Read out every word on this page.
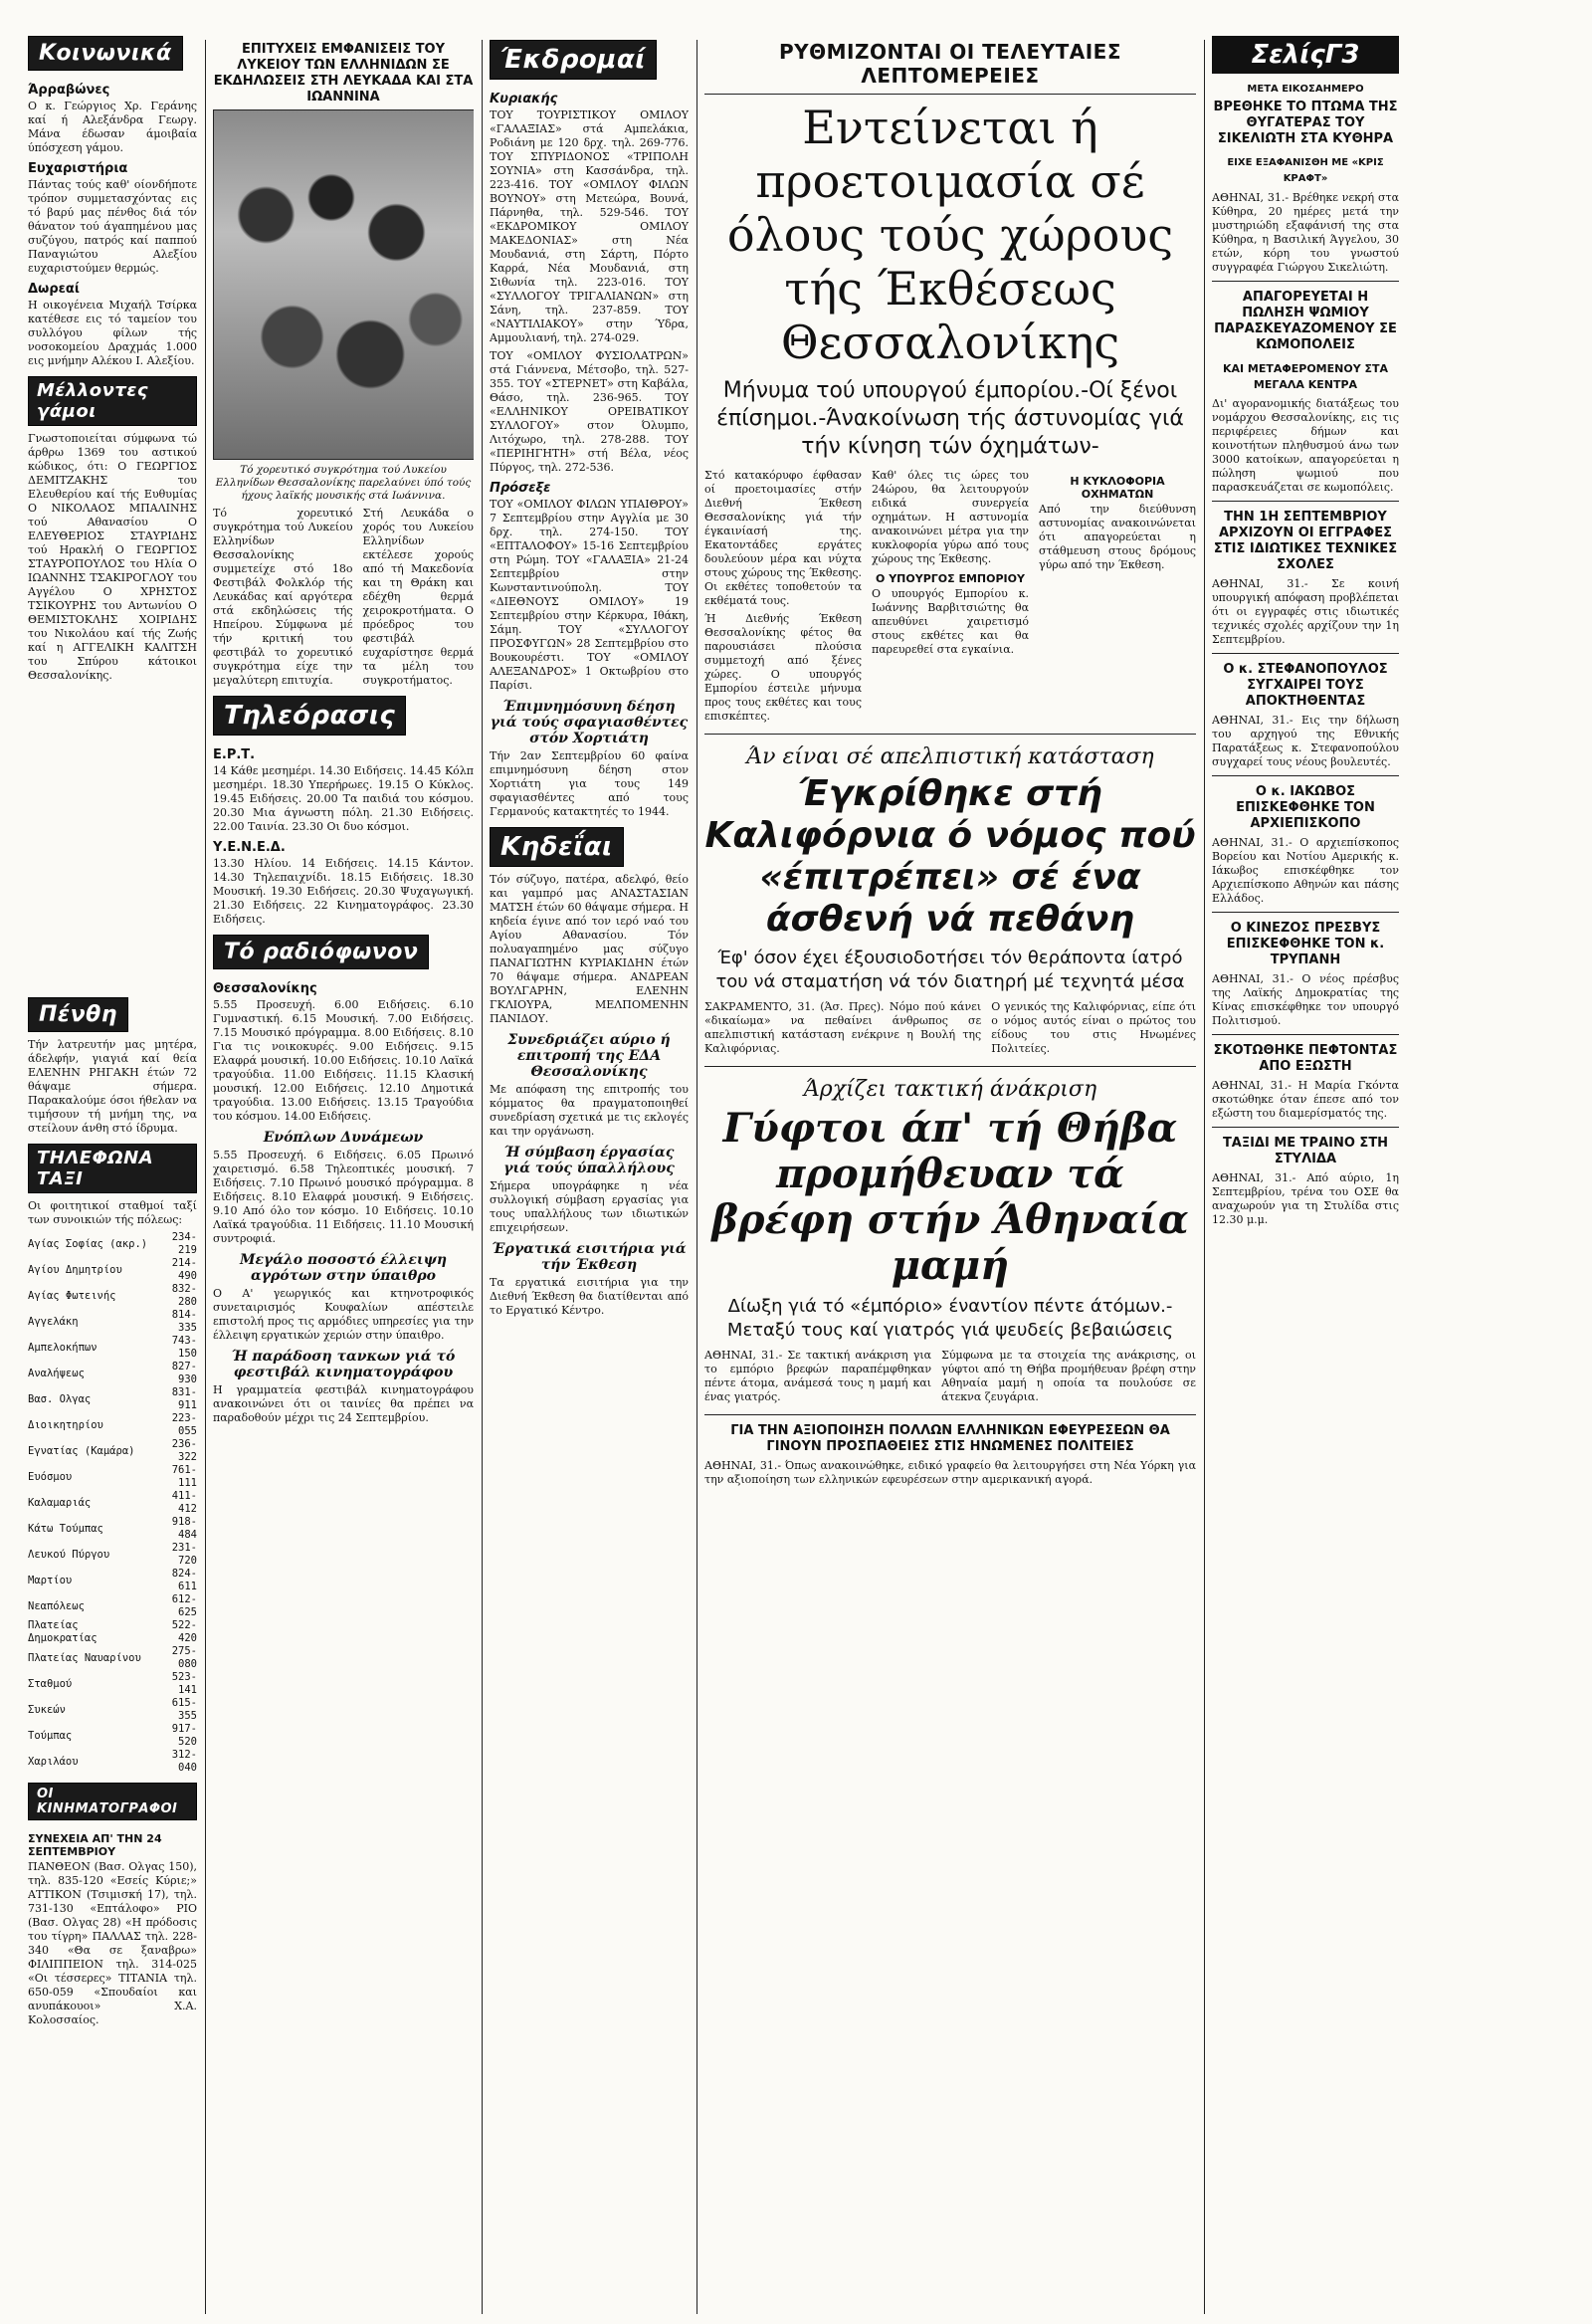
Κοινωνικά
Άρραβώνες

Ο κ. Γεώργιος Χρ. Γεράνης καί ή Αλεξάνδρα Γεωργ. Μάνα έδωσαν άμοιβαία ύπόσχεση γάμου.

Ευχαριστήρια

Πάντας τούς καθ' οίονδήποτε τρόπον συμμετασχόντας εις τό βαρύ μας πένθος διά τόν θάνατον τού άγαπημένου μας συζύγου, πατρός καί παππού Παναγιώτου Αλεξίου ευχαριστούμεν θερμώς.

Δωρεαί

Η οικογένεια Μιχαήλ Τσίρκα κατέθεσε εις τό ταμείον του συλλόγου φίλων τής νοσοκομείου Δραχμάς 1.000 εις μνήμην Αλέκου Ι. Αλεξίου.

Μέλλοντες γάμοι

Γνωστοποιείται σύμφωνα τώ άρθρω 1369 του αστικού κώδικος, ότι: Ο ΓΕΩΡΓΙΟΣ ΔΕΜΙΤΖΑΚΗΣ του Ελευθερίου καί τής Ευθυμίας Ο ΝΙΚΟΛΑΟΣ ΜΠΑΛΙΝΗΣ τού Αθανασίου Ο ΕΛΕΥΘΕΡΙΟΣ ΣΤΑΥΡΙΔΗΣ τού Ηρακλή Ο ΓΕΩΡΓΙΟΣ ΣΤΑΥΡΟΠΟΥΛΟΣ του Ηλία Ο ΙΩΑΝΝΗΣ ΤΣΑΚΙΡΟΓΛΟΥ του Αγγέλου Ο ΧΡΗΣΤΟΣ ΤΣΙΚΟΥΡΗΣ του Αντωνίου Ο ΘΕΜΙΣΤΟΚΛΗΣ ΧΟΙΡΙΔΗΣ του Νικολάου καί τής Ζωής καί η ΑΓΓΕΛΙΚΗ ΚΑΛΙΤΣΗ του Σπύρου κάτοικοι Θεσσαλονίκης.

Πένθη

Τήν λατρευτήν μας μητέρα, άδελφήν, γιαγιά καί θεία ΕΛΕΝΗΝ ΡΗΓΑΚΗ έτών 72 θάψαμε σήμερα. Παρακαλούμε όσοι ήθελαν να τιμήσουν τή μνήμη της, να στείλουν άνθη στό ίδρυμα.

ΤΗΛΕΦΩΝΑ ΤΑΞΙ

Οι φοιτητικοί σταθμοί ταξί των συνοικιών τής πόλεως:

Αγίας Σοφίας (ακρ.)	234-219
Αγίου Δημητρίου	214-490
Αγίας Φωτεινής	832-280
Αγγελάκη	814-335
Αμπελοκήπων	743-150
Αναλήψεως	827-930
Βασ. Ολγας	831-911
Διοικητηρίου	223-055
Εγνατίας (Καμάρα)	236-322
Ευόσμου	761-111
Καλαμαριάς	411-412
Κάτω Τούμπας	918-484
Λευκού Πύργου	231-720
Μαρτίου	824-611
Νεαπόλεως	612-625
Πλατείας Δημοκρατίας	522-420
Πλατείας Ναυαρίνου	275-080
Σταθμού	523-141
Συκεών	615-355
Τούμπας	917-520
Χαριλάου	312-040
ΟΙ ΚΙΝΗΜΑΤΟΓΡΑΦΟΙ
ΣΥΝΕΧΕΙΑ ΑΠ' ΤΗΝ 24 ΣΕΠΤΕΜΒΡΙΟΥ

ΠΑΝΘΕΟΝ (Βασ. Ολγας 150), τηλ. 835-120 «Εσείς Κύριε;» ΑΤΤΙΚΟΝ (Τσιμισκή 17), τηλ. 731-130 «Επτάλοφο» ΡΙΟ (Βασ. Ολγας 28) «Η πρόδοσις του τίγρη» ΠΑΛΛΑΣ τηλ. 228-340 «Θα σε ξαναβρω» ΦΙΛΙΠΠΕΙΟΝ τηλ. 314-025 «Οι τέσσερες» ΤΙΤΑΝΙΑ τηλ. 650-059 «Σπουδαίοι και ανυπάκουοι» Χ.Α. Κολοσσαίος.

ΕΠΙΤΥΧΕΙΣ ΕΜΦΑΝΙΣΕΙΣ ΤΟΥ ΛΥΚΕΙΟΥ ΤΩΝ ΕΛΛΗΝΙΔΩΝ ΣΕ ΕΚΔΗΛΩΣΕΙΣ ΣΤΗ ΛΕΥΚΑΔΑ ΚΑΙ ΣΤΑ ΙΩΑΝΝΙΝΑ
Τό χορευτικό συγκρότημα τού Λυκείου Ελληνίδων Θεσσαλονίκης παρελαύνει ύπό τούς ήχους λαϊκής μουσικής στά Ιωάννινα.

Τό χορευτικό συγκρότημα τού Λυκείου Ελληνίδων Θεσσαλονίκης συμμετείχε στό 18ο Φεστιβάλ Φολκλόρ τής Λευκάδας καί αργότερα στά εκδηλώσεις τής Ηπείρου. Σύμφωνα μέ τήν κριτική του φεστιβάλ το χορευτικό συγκρότημα είχε την μεγαλύτερη επιτυχία.

Στή Λευκάδα ο χορός του Λυκείου Ελληνίδων εκτέλεσε χορούς από τή Μακεδονία και τη Θράκη και εδέχθη θερμά χειροκροτήματα. Ο πρόεδρος του φεστιβάλ ευχαρίστησε θερμά τα μέλη του συγκροτήματος.

Τηλεόρασις
Ε.Ρ.Τ.

14 Κάθε μεσημέρι. 14.30 Ειδήσεις. 14.45 Κόλπ μεσημέρι. 18.30 Υπερήρωες. 19.15 Ο Κύκλος. 19.45 Ειδήσεις. 20.00 Τα παιδιά του κόσμου. 20.30 Μια άγνωστη πόλη. 21.30 Ειδήσεις. 22.00 Ταινία. 23.30 Οι δυο κόσμοι.

Υ.Ε.Ν.Ε.Δ.

13.30 Ηλίου. 14 Ειδήσεις. 14.15 Κάντον. 14.30 Τηλεπαιχνίδι. 18.15 Ειδήσεις. 18.30 Μουσική. 19.30 Ειδήσεις. 20.30 Ψυχαγωγική. 21.30 Ειδήσεις. 22 Κινηματογράφος. 23.30 Ειδήσεις.

Τό ραδιόφωνον
Θεσσαλονίκης

5.55 Προσευχή. 6.00 Ειδήσεις. 6.10 Γυμναστική. 6.15 Μουσική. 7.00 Ειδήσεις. 7.15 Μουσικό πρόγραμμα. 8.00 Ειδήσεις. 8.10 Για τις νοικοκυρές. 9.00 Ειδήσεις. 9.15 Ελαφρά μουσική. 10.00 Ειδήσεις. 10.10 Λαϊκά τραγούδια. 11.00 Ειδήσεις. 11.15 Κλασική μουσική. 12.00 Ειδήσεις. 12.10 Δημοτικά τραγούδια. 13.00 Ειδήσεις. 13.15 Τραγούδια του κόσμου. 14.00 Ειδήσεις.

Ενόπλων Δυνάμεων

5.55 Προσευχή. 6 Ειδήσεις. 6.05 Πρωινό χαιρετισμό. 6.58 Τηλεοπτικές μουσική. 7 Ειδήσεις. 7.10 Πρωινό μουσικό πρόγραμμα. 8 Ειδήσεις. 8.10 Ελαφρά μουσική. 9 Ειδήσεις. 9.10 Από όλο τον κόσμο. 10 Ειδήσεις. 10.10 Λαϊκά τραγούδια. 11 Ειδήσεις. 11.10 Μουσική συντροφιά.

Μεγάλο ποσοστό έλλειψη αγρότων στην ύπαιθρο

Ο Α' γεωργικός και κτηνοτροφικός συνεταιρισμός Κουφαλίων απέστειλε επιστολή προς τις αρμόδιες υπηρεσίες για την έλλειψη εργατικών χεριών στην ύπαιθρο.

Ή παράδοση τανκων γιά τό φεστιβάλ κινηματογράφου

Η γραμματεία φεστιβάλ κινηματογράφου ανακοινώνει ότι οι ταινίες θα πρέπει να παραδοθούν μέχρι τις 24 Σεπτεμβρίου.

Έκδρομαί
Κυριακής

ΤΟΥ ΤΟΥΡΙΣΤΙΚΟΥ ΟΜΙΛΟΥ «ΓΑΛΑΞΙΑΣ» στά Αμπελάκια, Ροδιάνη με 120 δρχ. τηλ. 269-776. ΤΟΥ ΣΠΥΡΙΔΟΝΟΣ «ΤΡΙΠΟΛΗ ΣΟΥΝΙΑ» στη Κασσάνδρα, τηλ. 223-416. ΤΟΥ «ΟΜΙΛΟΥ ΦΙΛΩΝ ΒΟΥΝΟΥ» στη Μετεώρα, Βουνά, Πάρνηθα, τηλ. 529-546. ΤΟΥ «ΕΚΔΡΟΜΙΚΟΥ ΟΜΙΛΟΥ ΜΑΚΕΔΟΝΙΑΣ» στη Νέα Μουδανιά, στη Σάρτη, Πόρτο Καρρά, Νέα Μουδανιά, στη Σιθωνία τηλ. 223-016. ΤΟΥ «ΣΥΛΛΟΓΟΥ ΤΡΙΓΑΛΙΑΝΩΝ» στη Σάνη, τηλ. 237-859. ΤΟΥ «ΝΑΥΤΙΛΙΑΚΟΥ» στην Ύδρα, Αμμουλιανή, τηλ. 274-029.

ΤΟΥ «ΟΜΙΛΟΥ ΦΥΣΙΟΛΑΤΡΩΝ» στά Γιάννενα, Μέτσοβο, τηλ. 527-355. ΤΟΥ «ΣΤΕΡΝΕΤ» στη Καβάλα, Θάσο, τηλ. 236-965. ΤΟΥ «ΕΛΛΗΝΙΚΟΥ ΟΡΕΙΒΑΤΙΚΟΥ ΣΥΛΛΟΓΟΥ» στον Όλυμπο, Λιτόχωρο, τηλ. 278-288. ΤΟΥ «ΠΕΡΙΗΓΗΤΗ» στή Βέλα, νέος Πύργος, τηλ. 272-536.

Πρόσεξε

ΤΟΥ «ΟΜΙΛΟΥ ΦΙΛΩΝ ΥΠΑΙΘΡΟΥ» 7 Σεπτεμβρίου στην Αγγλία με 30 δρχ. τηλ. 274-150. ΤΟΥ «ΕΠΤΑΛΟΦΟΥ» 15-16 Σεπτεμβρίου στη Ρώμη. ΤΟΥ «ΓΑΛΑΞΙΑ» 21-24 Σεπτεμβρίου στην Κωνσταντινούπολη. ΤΟΥ «ΔΙΕΘΝΟΥΣ ΟΜΙΛΟΥ» 19 Σεπτεμβρίου στην Κέρκυρα, Ιθάκη, Σάμη. ΤΟΥ «ΣΥΛΛΟΓΟΥ ΠΡΟΣΦΥΓΩΝ» 28 Σεπτεμβρίου στο Βουκουρέστι. ΤΟΥ «ΟΜΙΛΟΥ ΑΛΕΞΑΝΔΡΟΣ» 1 Οκτωβρίου στο Παρίσι.

Έπιμνημόσυνη δέηση γιά τούς σφαγιασθέντες στόν Χορτιάτη

Τήν 2αν Σεπτεμβρίου 60 φαίνα επιμνημόσυνη δέηση στον Χορτιάτη για τους 149 σφαγιασθέντες από τους Γερμανούς κατακτητές το 1944.

Κηδεΐαι

Τόν σύζυγο, πατέρα, αδελφό, θείο και γαμπρό μας ΑΝΑΣΤΑΣΙΑΝ ΜΑΤΣΗ έτών 60 θάψαμε σήμερα. Η κηδεία έγινε από τον ιερό ναό του Αγίου Αθανασίου. Τόν πολυαγαπημένο μας σύζυγο ΠΑΝΑΓΙΩΤΗΝ ΚΥΡΙΑΚΙΔΗΝ έτών 70 θάψαμε σήμερα. ΑΝΔΡΕΑΝ ΒΟΥΛΓΑΡΗΝ, ΕΛΕΝΗΝ ΓΚΛΙΟΥΡΑ, ΜΕΛΠΟΜΕΝΗΝ ΠΑΝΙΔΟΥ.

Συνεδριάζει αύριο ή επιτροπή της ΕΔΑ Θεσσαλονίκης

Με απόφαση της επιτροπής του κόμματος θα πραγματοποιηθεί συνεδρίαση σχετικά με τις εκλογές και την οργάνωση.

Ή σύμβαση έργασίας γιά τούς ύπαλλήλους

Σήμερα υπογράφηκε η νέα συλλογική σύμβαση εργασίας για τους υπαλλήλους των ιδιωτικών επιχειρήσεων.

Έργατικά εισιτήρια γιά τήν Έκθεση

Τα εργατικά εισιτήρια για την Διεθνή Έκθεση θα διατίθενται από το Εργατικό Κέντρο.

ΡΥΘΜΙΖΟΝΤΑΙ ΟΙ ΤΕΛΕΥΤΑΙΕΣ ΛΕΠΤΟΜΕΡΕΙΕΣ
Εντείνεται ή προετοιμασία σέ όλους τούς χώρους τής Έκθέσεως Θεσσαλονίκης
Μήνυμα τού υπουργού έμπορίου.-Οί ξένοι έπίσημοι.-Άνακοίνωση τής άστυνομίας γιά τήν κίνηση τών όχημάτων-

Στό κατακόρυφο έφθασαν οί προετοιμασίες στήν Διεθνή Έκθεση Θεσσαλονίκης γιά τήν έγκαινίασή της. Εκατοντάδες εργάτες δουλεύουν μέρα και νύχτα στους χώρους της Έκθεσης. Οι εκθέτες τοποθετούν τα εκθέματά τους.

Ή Διεθνής Έκθεση Θεσσαλονίκης φέτος θα παρουσιάσει πλούσια συμμετοχή από ξένες χώρες. Ο υπουργός Εμπορίου έστειλε μήνυμα προς τους εκθέτες και τους επισκέπτες.

Καθ' όλες τις ώρες του 24ώρου, θα λειτουργούν ειδικά συνεργεία οχημάτων. Η αστυνομία ανακοινώνει μέτρα για την κυκλοφορία γύρω από τους χώρους της Έκθεσης.

Ο ΥΠΟΥΡΓΟΣ ΕΜΠΟΡΙΟΥ

Ο υπουργός Εμπορίου κ. Ιωάννης Βαρβιτσιώτης θα απευθύνει χαιρετισμό στους εκθέτες και θα παρευρεθεί στα εγκαίνια.

Η ΚΥΚΛΟΦΟΡΙΑ ΟΧΗΜΑΤΩΝ

Από την διεύθυνση αστυνομίας ανακοινώνεται ότι απαγορεύεται η στάθμευση στους δρόμους γύρω από την Έκθεση.

Άν είναι σέ απελπιστική κατάσταση
Έγκρίθηκε στή Καλιφόρνια ό νόμος πού «έπιτρέπει» σέ ένα άσθενή νά πεθάνη
Έφ' όσον έχει έξουσιοδοτήσει τόν θεράποντα ίατρό του νά σταματήση νά τόν διατηρή μέ τεχνητά μέσα

ΣΑΚΡΑΜΕΝΤΟ, 31. (Άσ. Πρες). Νόμο πού κάνει «δικαίωμα» να πεθαίνει άνθρωπος σε απελπιστική κατάσταση ενέκρινε η Βουλή της Καλιφόρνιας.

Ο γενικός της Καλιφόρνιας, είπε ότι ο νόμος αυτός είναι ο πρώτος του είδους του στις Ηνωμένες Πολιτείες.

Άρχίζει τακτική άνάκριση
Γύφτοι άπ' τή Θήβα προμήθευαν τά βρέφη στήν Άθηναία μαμή
Δίωξη γιά τό «έμπόριο» έναντίον πέντε άτόμων.- Μεταξύ τους καί γιατρός γιά ψευδείς βεβαιώσεις

ΑΘΗΝΑΙ, 31.- Σε τακτική ανάκριση για το εμπόριο βρεφών παραπέμφθηκαν πέντε άτομα, ανάμεσά τους η μαμή και ένας γιατρός.

Σύμφωνα με τα στοιχεία της ανάκρισης, οι γύφτοι από τη Θήβα προμήθευαν βρέφη στην Αθηναία μαμή η οποία τα πουλούσε σε άτεκνα ζευγάρια.

ΓΙΑ ΤΗΝ ΑΞΙΟΠΟΙΗΣΗ ΠΟΛΛΩΝ ΕΛΛΗΝΙΚΩΝ ΕΦΕΥΡΕΣΕΩΝ ΘΑ ΓΙΝΟΥΝ ΠΡΟΣΠΑΘΕΙΕΣ ΣΤΙΣ ΗΝΩΜΕΝΕΣ ΠΟΛΙΤΕΙΕΣ

ΑΘΗΝΑΙ, 31.- Όπως ανακοινώθηκε, ειδικό γραφείο θα λειτουργήσει στη Νέα Υόρκη για την αξιοποίηση των ελληνικών εφευρέσεων στην αμερικανική αγορά.

ΣελίςΓ3
ΜΕΤΑ ΕΙΚΟΣΑΗΜΕΡΟ
ΒΡΕΘΗΚΕ ΤΟ ΠΤΩΜΑ ΤΗΣ ΘΥΓΑΤΕΡΑΣ ΤΟΥ ΣΙΚΕΛΙΩΤΗ ΣΤΑ ΚΥΘΗΡΑ
ΕΙΧΕ ΕΞΑΦΑΝΙΣΘΗ ΜΕ «ΚΡΙΣ ΚΡΑΦΤ»

ΑΘΗΝΑΙ, 31.- Βρέθηκε νεκρή στα Κύθηρα, 20 ημέρες μετά την μυστηριώδη εξαφάνισή της στα Κύθηρα, η Βασιλική Άγγελου, 30 ετών, κόρη του γνωστού συγγραφέα Γιώργου Σικελιώτη.

ΑΠΑΓΟΡΕΥΕΤΑΙ Η ΠΩΛΗΣΗ ΨΩΜΙΟΥ ΠΑΡΑΣΚΕΥΑΖΟΜΕΝΟΥ ΣΕ ΚΩΜΟΠΟΛΕΙΣ
ΚΑΙ ΜΕΤΑΦΕΡΟΜΕΝΟΥ ΣΤΑ ΜΕΓΑΛΑ ΚΕΝΤΡΑ

Δι' αγορανομικής διατάξεως του νομάρχου Θεσσαλονίκης, εις τις περιφέρειες δήμων και κοινοτήτων πληθυσμού άνω των 3000 κατοίκων, απαγορεύεται η πώληση ψωμιού που παρασκευάζεται σε κωμοπόλεις.

ΤΗΝ 1Η ΣΕΠΤΕΜΒΡΙΟΥ ΑΡΧΙΖΟΥΝ ΟΙ ΕΓΓΡΑΦΕΣ ΣΤΙΣ ΙΔΙΩΤΙΚΕΣ ΤΕΧΝΙΚΕΣ ΣΧΟΛΕΣ

ΑΘΗΝΑΙ, 31.- Σε κοινή υπουργική απόφαση προβλέπεται ότι οι εγγραφές στις ιδιωτικές τεχνικές σχολές αρχίζουν την 1η Σεπτεμβρίου.

Ο κ. ΣΤΕΦΑΝΟΠΟΥΛΟΣ ΣΥΓΧΑΙΡΕΙ ΤΟΥΣ ΑΠΟΚΤΗΘΕΝΤΑΣ

ΑΘΗΝΑΙ, 31.- Εις την δήλωση του αρχηγού της Εθνικής Παρατάξεως κ. Στεφανοπούλου συγχαρεί τους νέους βουλευτές.

Ο κ. ΙΑΚΩΒΟΣ ΕΠΙΣΚΕΦΘΗΚΕ ΤΟΝ ΑΡΧΙΕΠΙΣΚΟΠΟ

ΑΘΗΝΑΙ, 31.- Ο αρχιεπίσκοπος Βορείου και Νοτίου Αμερικής κ. Ιάκωβος επισκέφθηκε τον Αρχιεπίσκοπο Αθηνών και πάσης Ελλάδος.

Ο ΚΙΝΕΖΟΣ ΠΡΕΣΒΥΣ ΕΠΙΣΚΕΦΘΗΚΕ ΤΟΝ κ. ΤΡΥΠΑΝΗ

ΑΘΗΝΑΙ, 31.- Ο νέος πρέσβυς της Λαϊκής Δημοκρατίας της Κίνας επισκέφθηκε τον υπουργό Πολιτισμού.

ΣΚΟΤΩΘΗΚΕ ΠΕΦΤΟΝΤΑΣ ΑΠΟ ΕΞΩΣΤΗ

ΑΘΗΝΑΙ, 31.- Η Μαρία Γκόντα σκοτώθηκε όταν έπεσε από τον εξώστη του διαμερίσματός της.

ΤΑΞΙΔΙ ΜΕ ΤΡΑΙΝΟ ΣΤΗ ΣΤΥΛΙΔΑ

ΑΘΗΝΑΙ, 31.- Από αύριο, 1η Σεπτεμβρίου, τρένα του ΟΣΕ θα αναχωρούν για τη Στυλίδα στις 12.30 μ.μ.
